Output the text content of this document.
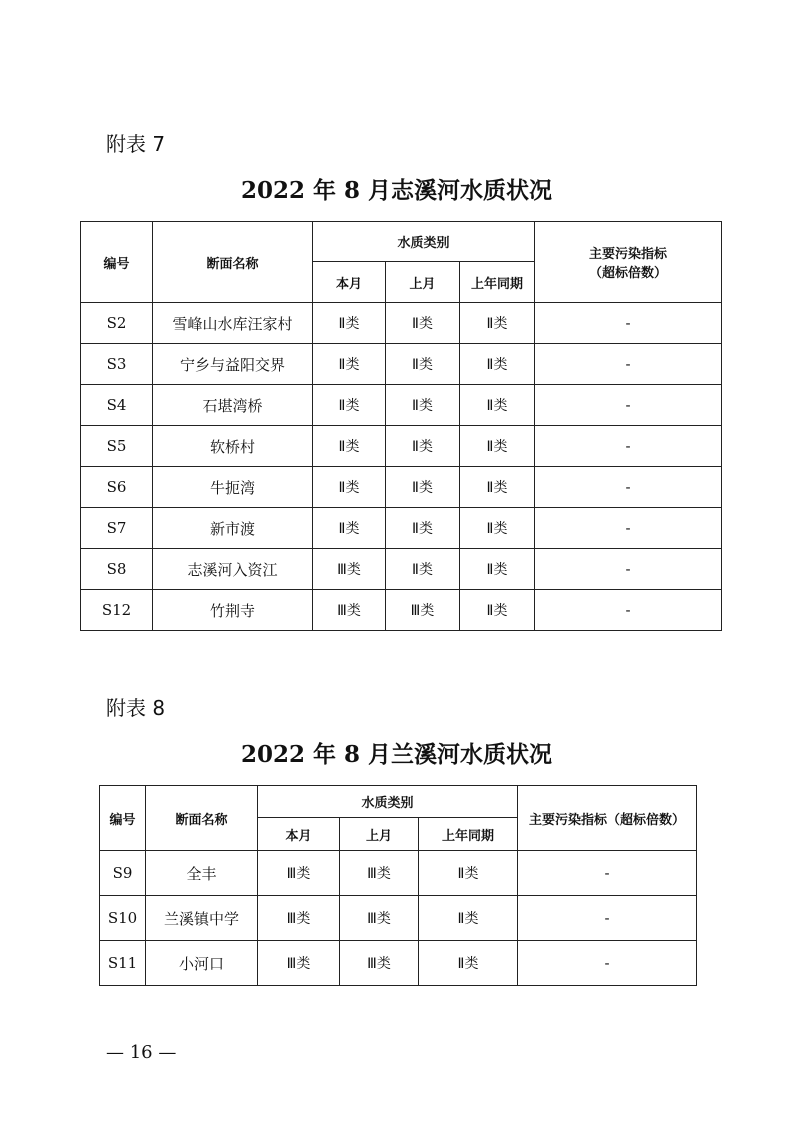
附表 7
2022 年 8 月志溪河水质状况
编号	断面名称	水质类别			主要污染指标
（超标倍数）

		本月	上月	上年同期	
S2	雪峰山水库汪家村	Ⅱ类	Ⅱ类	Ⅱ类	-
S3	宁乡与益阳交界	Ⅱ类	Ⅱ类	Ⅱ类	-
S4	石堪湾桥	Ⅱ类	Ⅱ类	Ⅱ类	-
S5	软桥村	Ⅱ类	Ⅱ类	Ⅱ类	-
S6	牛扼湾	Ⅱ类	Ⅱ类	Ⅱ类	-
S7	新市渡	Ⅱ类	Ⅱ类	Ⅱ类	-
S8	志溪河入资江	Ⅲ类	Ⅱ类	Ⅱ类	-
S12	竹荆寺	Ⅲ类	Ⅲ类	Ⅱ类	-
附表 8
2022 年 8 月兰溪河水质状况
编号	断面名称	水质类别			主要污染指标（超标倍数）
		本月	上月	上年同期	
S9	全丰	Ⅲ类	Ⅲ类	Ⅱ类	-
S10	兰溪镇中学	Ⅲ类	Ⅲ类	Ⅱ类	-
S11	小河口	Ⅲ类	Ⅲ类	Ⅱ类	-
— 16 —
